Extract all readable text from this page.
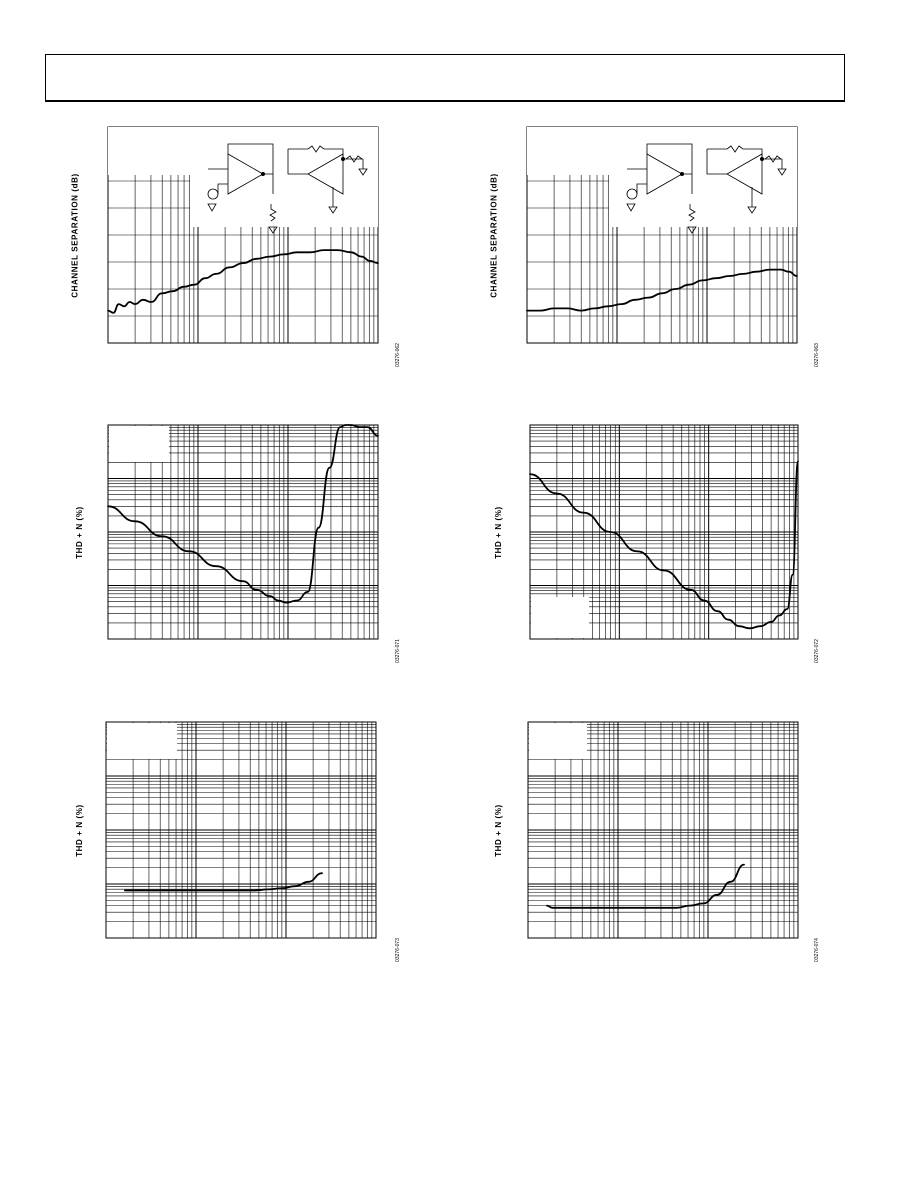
CHANNEL SEPARATION (dB)
03276-062
CHANNEL SEPARATION (dB)
03276-063
THD + N (%)
03276-071
THD + N (%)
03276-072
THD + N (%)
03276-073
THD + N (%)
03276-074
